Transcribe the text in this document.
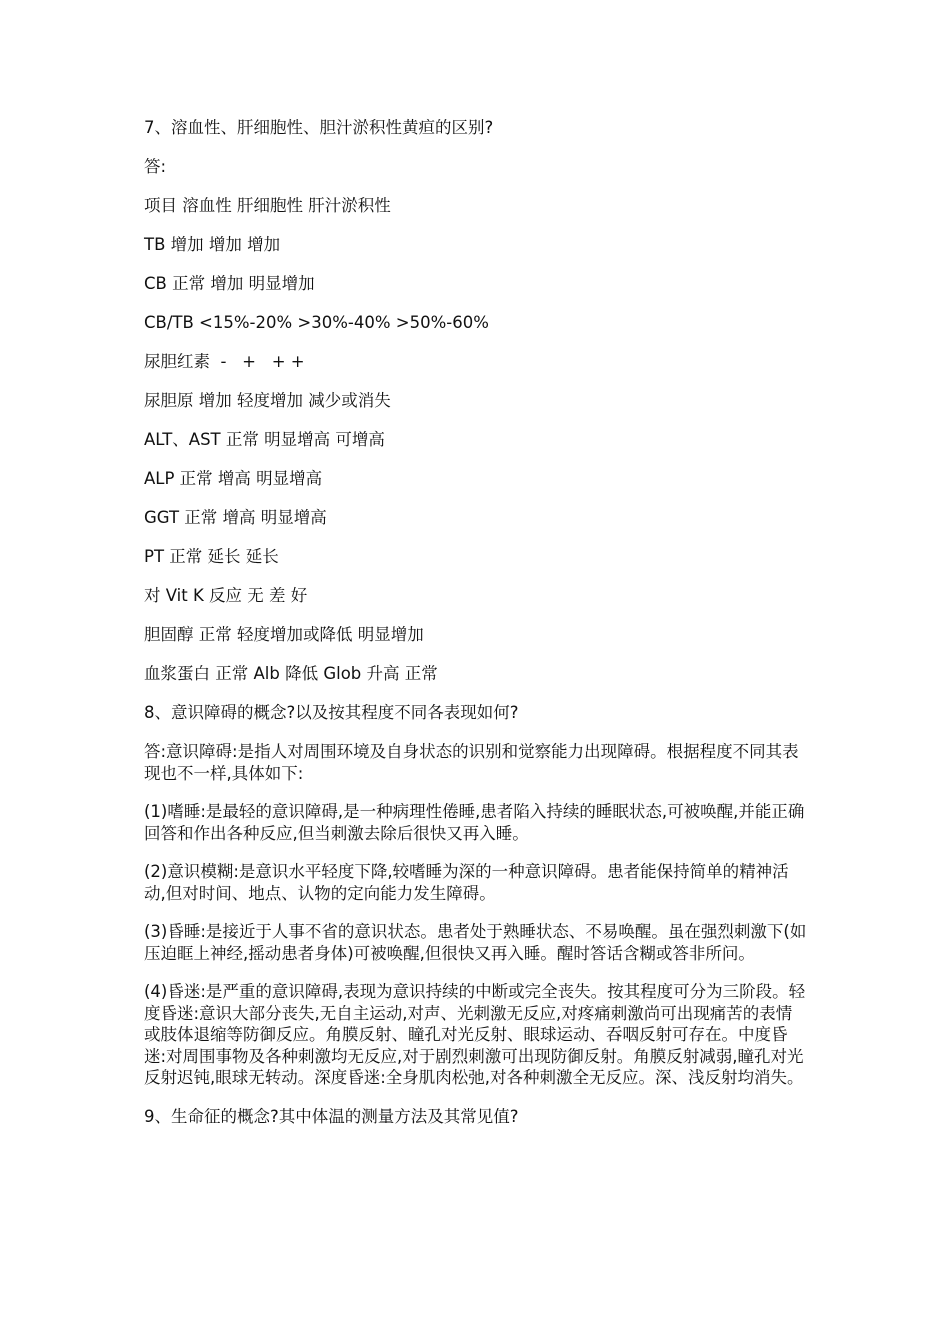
7、溶血性、肝细胞性、胆汁淤积性黄疸的区别?
答:
项目 溶血性 肝细胞性 肝汁淤积性
TB 增加 增加 增加
CB 正常 增加 明显增加
CB/TB <15%-20% >30%-40% >50%-60%
尿胆红素  -   +   + +
尿胆原 增加 轻度增加 减少或消失
ALT、AST 正常 明显增高 可增高
ALP 正常 增高 明显增高
GGT 正常 增高 明显增高
PT 正常 延长 延长
对 Vit K 反应 无 差 好
胆固醇 正常 轻度增加或降低 明显增加
血浆蛋白 正常 Alb 降低 Glob 升高 正常
8、意识障碍的概念?以及按其程度不同各表现如何?
答:意识障碍:是指人对周围环境及自身状态的识别和觉察能力出现障碍。根据程度不同其表现也不一样,具体如下:
(1)嗜睡:是最轻的意识障碍,是一种病理性倦睡,患者陷入持续的睡眠状态,可被唤醒,并能正确回答和作出各种反应,但当刺激去除后很快又再入睡。
(2)意识模糊:是意识水平轻度下降,较嗜睡为深的一种意识障碍。患者能保持简单的精神活动,但对时间、地点、认物的定向能力发生障碍。
(3)昏睡:是接近于人事不省的意识状态。患者处于熟睡状态、不易唤醒。虽在强烈刺激下(如压迫眶上神经,摇动患者身体)可被唤醒,但很快又再入睡。醒时答话含糊或答非所问。
(4)昏迷:是严重的意识障碍,表现为意识持续的中断或完全丧失。按其程度可分为三阶段。轻度昏迷:意识大部分丧失,无自主运动,对声、光刺激无反应,对疼痛刺激尚可出现痛苦的表情或肢体退缩等防御反应。角膜反射、瞳孔对光反射、眼球运动、吞咽反射可存在。中度昏迷:对周围事物及各种刺激均无反应,对于剧烈刺激可出现防御反射。角膜反射减弱,瞳孔对光反射迟钝,眼球无转动。深度昏迷:全身肌肉松弛,对各种刺激全无反应。深、浅反射均消失。
9、生命征的概念?其中体温的测量方法及其常见值?
